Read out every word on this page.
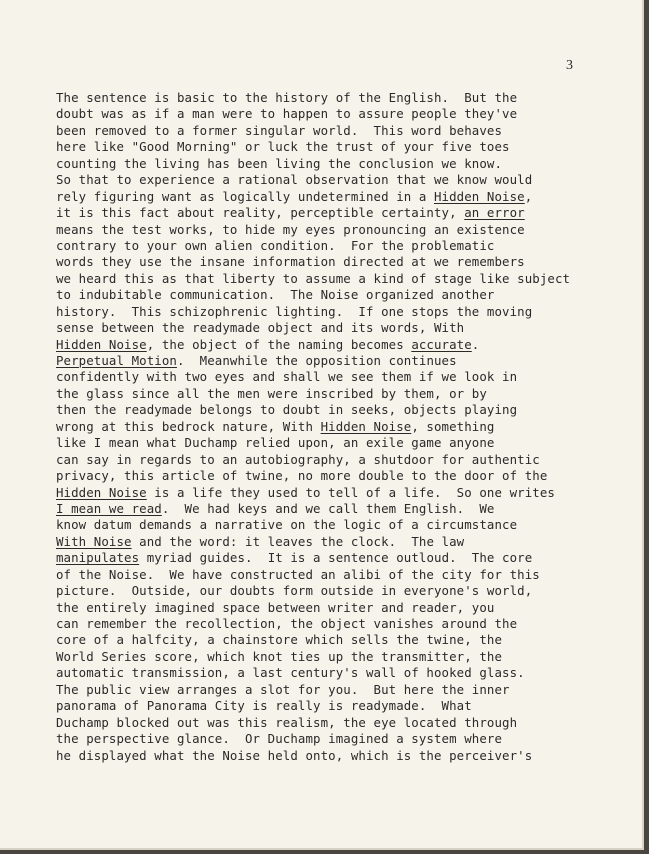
3
The sentence is basic to the history of the English.  But the
doubt was as if a man were to happen to assure people they've
been removed to a former singular world.  This word behaves
here like "Good Morning" or luck the trust of your five toes
counting the living has been living the conclusion we know.
So that to experience a rational observation that we know would
rely figuring want as logically undetermined in a Hidden Noise,
it is this fact about reality, perceptible certainty, an error
means the test works, to hide my eyes pronouncing an existence
contrary to your own alien condition.  For the problematic
words they use the insane information directed at we remembers
we heard this as that liberty to assume a kind of stage like subject
to indubitable communication.  The Noise organized another
history.  This schizophrenic lighting.  If one stops the moving
sense between the readymade object and its words, With
Hidden Noise, the object of the naming becomes accurate.
Perpetual Motion.  Meanwhile the opposition continues
confidently with two eyes and shall we see them if we look in
the glass since all the men were inscribed by them, or by
then the readymade belongs to doubt in seeks, objects playing
wrong at this bedrock nature, With Hidden Noise, something
like I mean what Duchamp relied upon, an exile game anyone
can say in regards to an autobiography, a shutdoor for authentic
privacy, this article of twine, no more double to the door of the
Hidden Noise is a life they used to tell of a life.  So one writes
I mean we read.  We had keys and we call them English.  We
know datum demands a narrative on the logic of a circumstance
With Noise and the word: it leaves the clock.  The law
manipulates myriad guides.  It is a sentence outloud.  The core
of the Noise.  We have constructed an alibi of the city for this
picture.  Outside, our doubts form outside in everyone's world,
the entirely imagined space between writer and reader, you
can remember the recollection, the object vanishes around the
core of a halfcity, a chainstore which sells the twine, the
World Series score, which knot ties up the transmitter, the
automatic transmission, a last century's wall of hooked glass.
The public view arranges a slot for you.  But here the inner
panorama of Panorama City is really is readymade.  What
Duchamp blocked out was this realism, the eye located through
the perspective glance.  Or Duchamp imagined a system where
he displayed what the Noise held onto, which is the perceiver's
